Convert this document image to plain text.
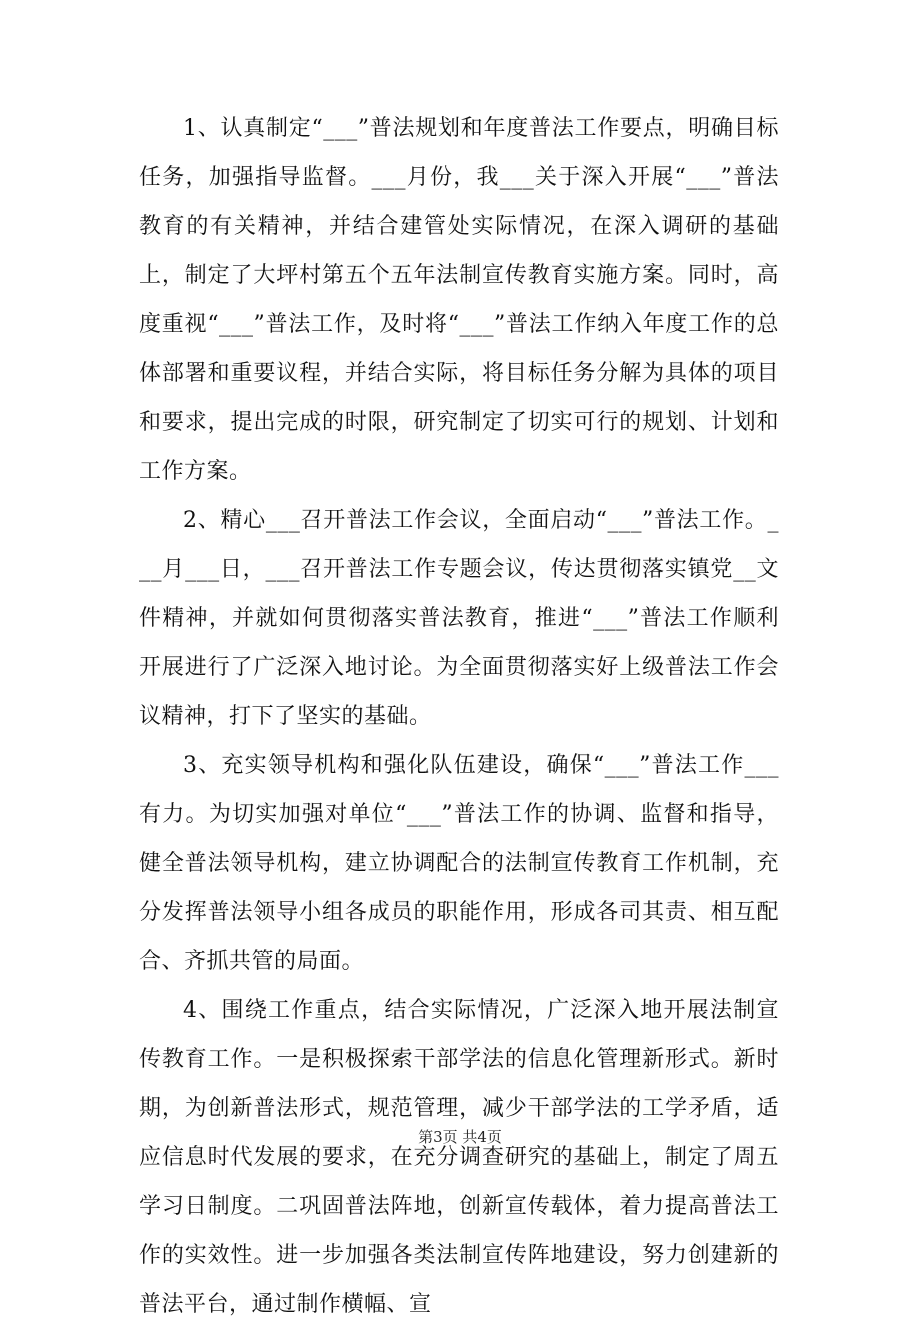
1、认真制定“___”普法规划和年度普法工作要点，明确目标任务，加强指导监督。___月份，我___关于深入开展“___”普法教育的有关精神，并结合建管处实际情况，在深入调研的基础上，制定了大坪村第五个五年法制宣传教育实施方案。同时，高度重视“___”普法工作，及时将“___”普法工作纳入年度工作的总体部署和重要议程，并结合实际，将目标任务分解为具体的项目和要求，提出完成的时限，研究制定了切实可行的规划、计划和工作方案。

2、精心___召开普法工作会议，全面启动“___”普法工作。___月___日，___召开普法工作专题会议，传达贯彻落实镇党__文件精神，并就如何贯彻落实普法教育，推进“___”普法工作顺利开展进行了广泛深入地讨论。为全面贯彻落实好上级普法工作会议精神，打下了坚实的基础。

3、充实领导机构和强化队伍建设，确保“___”普法工作___有力。为切实加强对单位“___”普法工作的协调、监督和指导，健全普法领导机构，建立协调配合的法制宣传教育工作机制，充分发挥普法领导小组各成员的职能作用，形成各司其责、相互配合、齐抓共管的局面。

4、围绕工作重点，结合实际情况，广泛深入地开展法制宣传教育工作。一是积极探索干部学法的信息化管理新形式。新时期，为创新普法形式，规范管理，减少干部学法的工学矛盾，适应信息时代发展的要求，在充分调查研究的基础上，制定了周五学习日制度。二巩固普法阵地，创新宣传载体，着力提高普法工作的实效性。进一步加强各类法制宣传阵地建设，努力创建新的普法平台，通过制作横幅、宣

第3页 共4页
